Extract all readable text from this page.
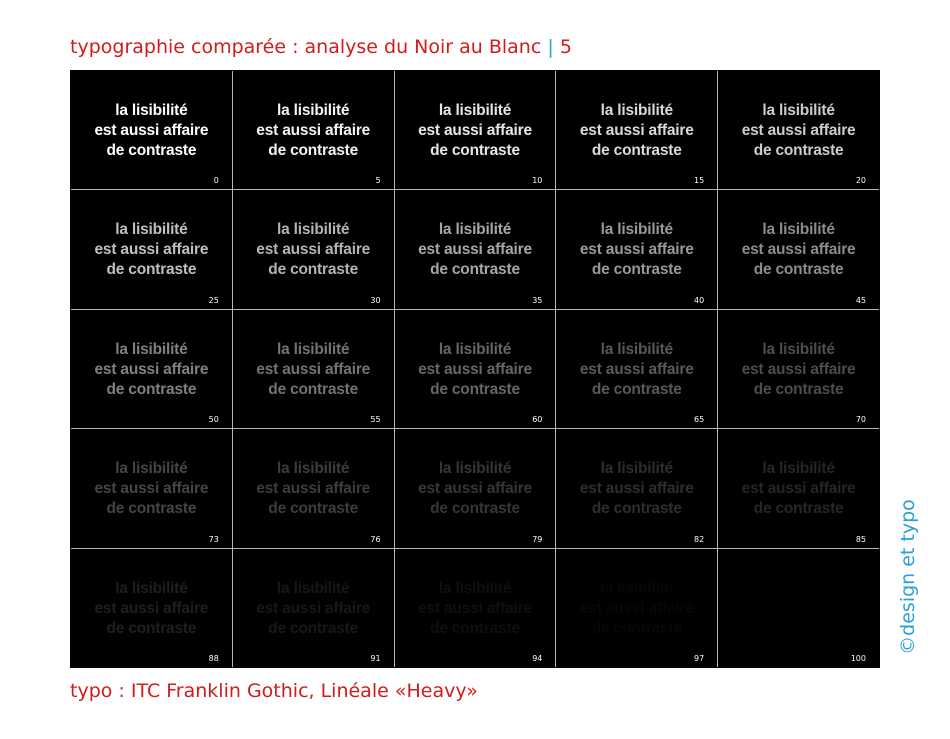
typographie comparée : analyse du Noir au Blanc | 5
la lisibilité
est aussi affaire
de contraste
0
la lisibilité
est aussi affaire
de contraste
5
la lisibilité
est aussi affaire
de contraste
10
la lisibilité
est aussi affaire
de contraste
15
la lisibilité
est aussi affaire
de contraste
20
la lisibilité
est aussi affaire
de contraste
25
la lisibilité
est aussi affaire
de contraste
30
la lisibilité
est aussi affaire
de contraste
35
la lisibilité
est aussi affaire
de contraste
40
la lisibilité
est aussi affaire
de contraste
45
la lisibilité
est aussi affaire
de contraste
50
la lisibilité
est aussi affaire
de contraste
55
la lisibilité
est aussi affaire
de contraste
60
la lisibilité
est aussi affaire
de contraste
65
la lisibilité
est aussi affaire
de contraste
70
la lisibilité
est aussi affaire
de contraste
73
la lisibilité
est aussi affaire
de contraste
76
la lisibilité
est aussi affaire
de contraste
79
la lisibilité
est aussi affaire
de contraste
82
la lisibilité
est aussi affaire
de contraste
85
la lisibilité
est aussi affaire
de contraste
88
la lisibilité
est aussi affaire
de contraste
91
la lisibilité
est aussi affaire
de contraste
94
la lisibilité
est aussi affaire
de contraste
97
la lisibilité
est aussi affaire
de contraste
100
typo : ITC Franklin Gothic, Linéale «Heavy»
©design et typo
